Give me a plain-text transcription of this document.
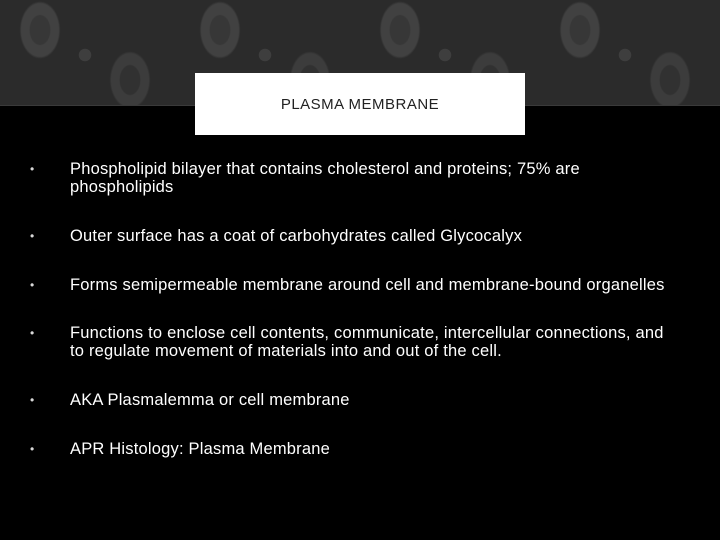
PLASMA MEMBRANE
•	Phospholipid bilayer that contains cholesterol and proteins; 75% are phospholipids
•	Outer surface has a coat of carbohydrates called Glycocalyx
•	Forms semipermeable membrane around cell and membrane-bound organelles
•	Functions to enclose cell contents, communicate, intercellular connections, and to regulate movement of materials into and out of the cell.
•	AKA Plasmalemma or cell membrane
•	APR Histology: Plasma Membrane
